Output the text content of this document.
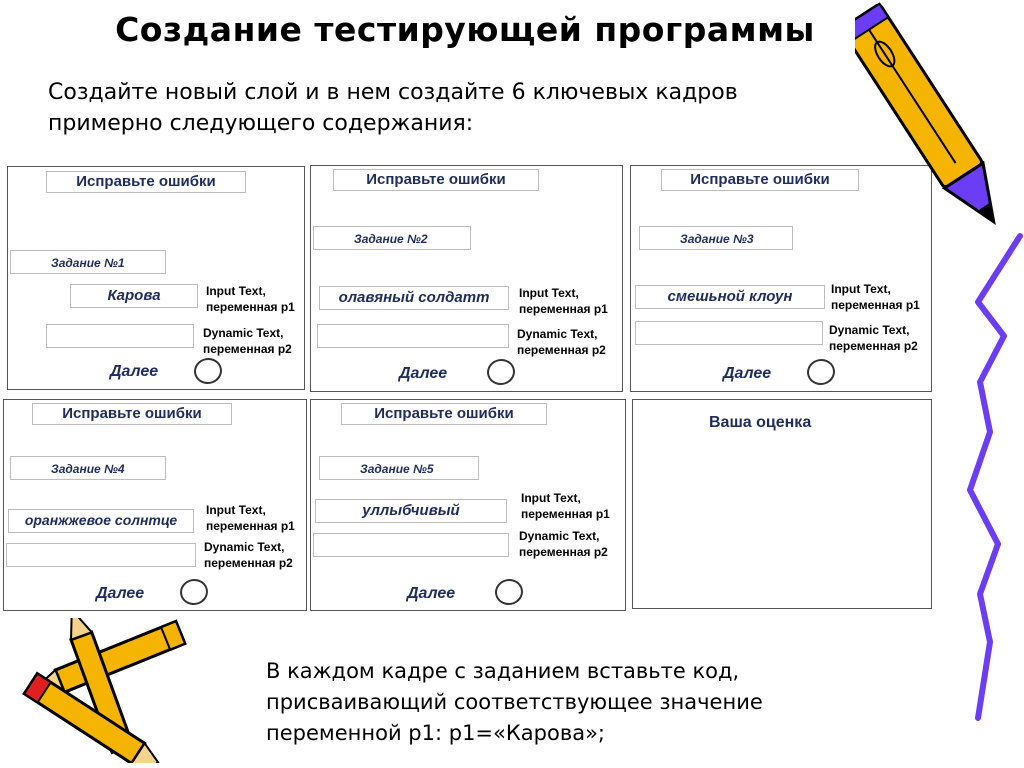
Создание тестирующей программы
Создайте новый слой и в нем создайте 6 ключевых кадров
примерно следующего содержания:
Исправьте ошибки
Задание №1
Карова	Input Text,
переменная р1
Dynamic Text,
переменная р2
Далее
Исправьте ошибки
Задание №2
олавяный солдатт	Input Text,
переменная р1
Dynamic Text,
переменная р2
Далее
Исправьте ошибки
Задание №3
смешьной клоун	Input Text,
переменная р1
Dynamic Text,
переменная р2
Далее
Исправьте ошибки
Задание №4
оранжжевое солнтце
Input Text,
переменная р1
Dynamic Text,
переменная р2
Далее
Исправьте ошибки
Задание №5
уллыбчивый
Input Text,
переменная р1
Dynamic Text,
переменная р2
Далее
Ваша оценка
В каждом кадре с заданием вставьте код,
присваивающий соответствующее значение
переменной р1: р1=«Карова»;
